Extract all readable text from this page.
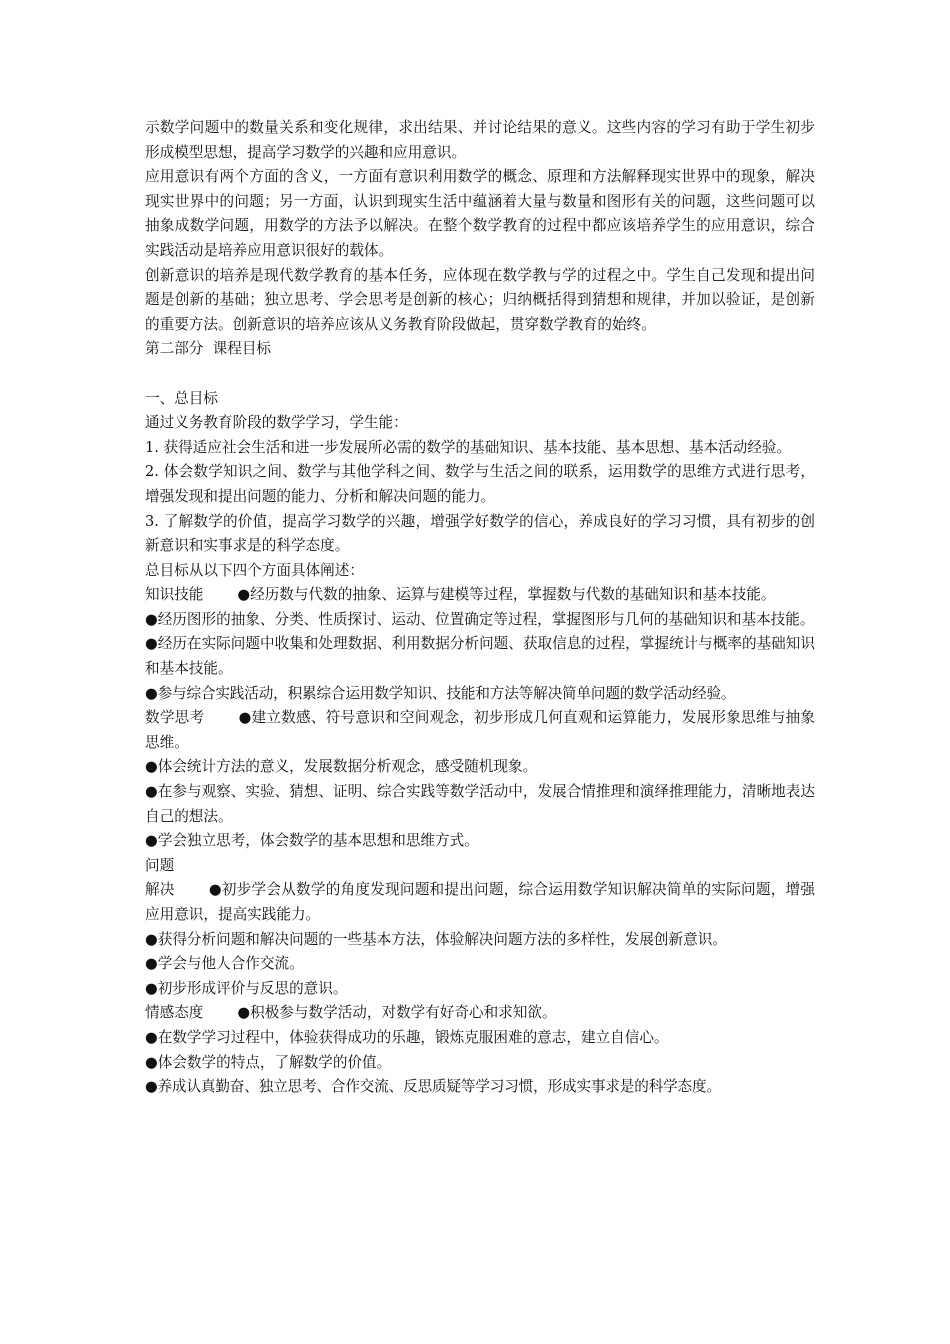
示数学问题中的数量关系和变化规律，求出结果、并讨论结果的意义。这些内容的学习有助于学生初步形成模型思想，提高学习数学的兴趣和应用意识。

应用意识有两个方面的含义，一方面有意识利用数学的概念、原理和方法解释现实世界中的现象，解决现实世界中的问题；另一方面，认识到现实生活中蕴涵着大量与数量和图形有关的问题，这些问题可以抽象成数学问题，用数学的方法予以解决。在整个数学教育的过程中都应该培养学生的应用意识，综合实践活动是培养应用意识很好的载体。

创新意识的培养是现代数学教育的基本任务，应体现在数学教与学的过程之中。学生自己发现和提出问题是创新的基础；独立思考、学会思考是创新的核心；归纳概括得到猜想和规律，并加以验证，是创新的重要方法。创新意识的培养应该从义务教育阶段做起，贯穿数学教育的始终。

第二部分  课程目标

一、总目标

通过义务教育阶段的数学学习，学生能：

1. 获得适应社会生活和进一步发展所必需的数学的基础知识、基本技能、基本思想、基本活动经验。

2. 体会数学知识之间、数学与其他学科之间、数学与生活之间的联系，运用数学的思维方式进行思考，增强发现和提出问题的能力、分析和解决问题的能力。

3. 了解数学的价值，提高学习数学的兴趣，增强学好数学的信心，养成良好的学习习惯，具有初步的创新意识和实事求是的科学态度。

总目标从以下四个方面具体阐述：

知识技能 ●经历数与代数的抽象、运算与建模等过程，掌握数与代数的基础知识和基本技能。

●经历图形的抽象、分类、性质探讨、运动、位置确定等过程，掌握图形与几何的基础知识和基本技能。

●经历在实际问题中收集和处理数据、利用数据分析问题、获取信息的过程，掌握统计与概率的基础知识和基本技能。

●参与综合实践活动，积累综合运用数学知识、技能和方法等解决简单问题的数学活动经验。

数学思考 ●建立数感、符号意识和空间观念，初步形成几何直观和运算能力，发展形象思维与抽象思维。

●体会统计方法的意义，发展数据分析观念，感受随机现象。

●在参与观察、实验、猜想、证明、综合实践等数学活动中，发展合情推理和演绎推理能力，清晰地表达自己的想法。

●学会独立思考，体会数学的基本思想和思维方式。

问题

解决 ●初步学会从数学的角度发现问题和提出问题，综合运用数学知识解决简单的实际问题，增强应用意识，提高实践能力。

●获得分析问题和解决问题的一些基本方法，体验解决问题方法的多样性，发展创新意识。

●学会与他人合作交流。

●初步形成评价与反思的意识。

情感态度 ●积极参与数学活动，对数学有好奇心和求知欲。

●在数学学习过程中，体验获得成功的乐趣，锻炼克服困难的意志，建立自信心。

●体会数学的特点，了解数学的价值。

●养成认真勤奋、独立思考、合作交流、反思质疑等学习习惯，形成实事求是的科学态度。
